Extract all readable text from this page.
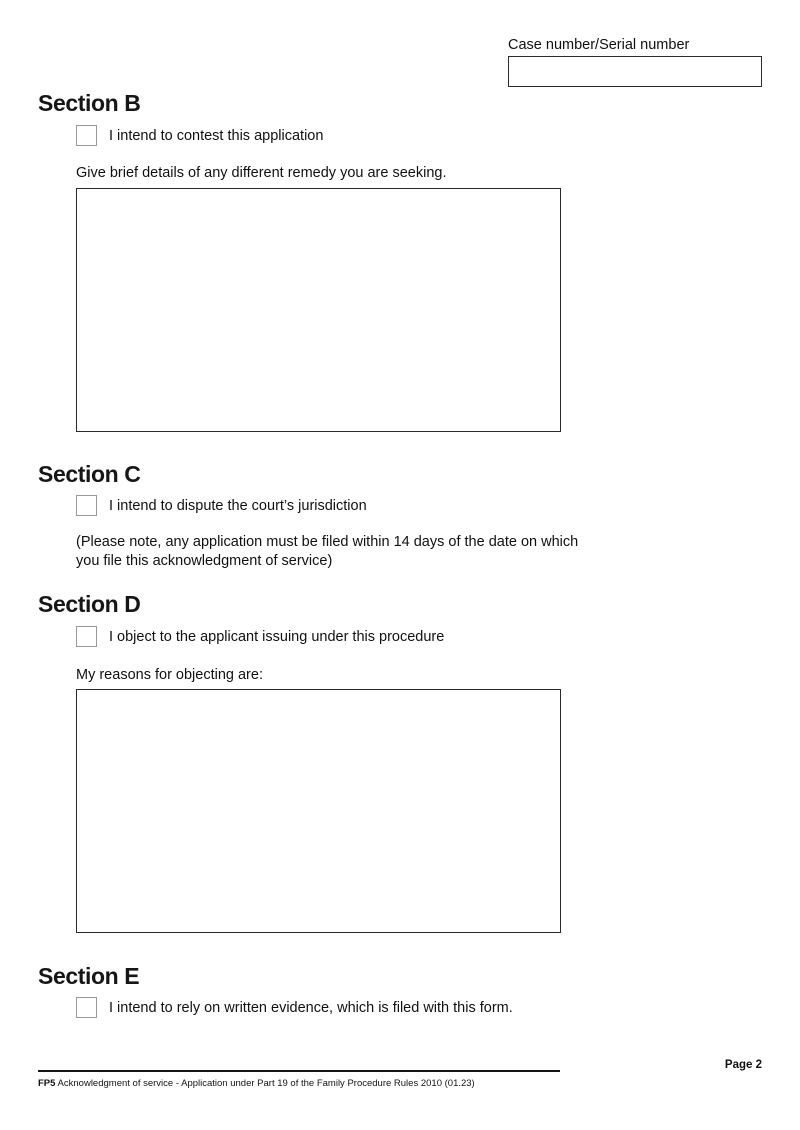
Case number/Serial number
Section B
I intend to contest this application
Give brief details of any different remedy you are seeking.
Section C
I intend to dispute the court’s jurisdiction
(Please note, any application must be filed within 14 days of the date on which you file this acknowledgment of service)
Section D
I object to the applicant issuing under this procedure
My reasons for objecting are:
Section E
I intend to rely on written evidence, which is filed with this form.
Page 2
FP5 Acknowledgment of service - Application under Part 19 of the Family Procedure Rules 2010 (01.23)
